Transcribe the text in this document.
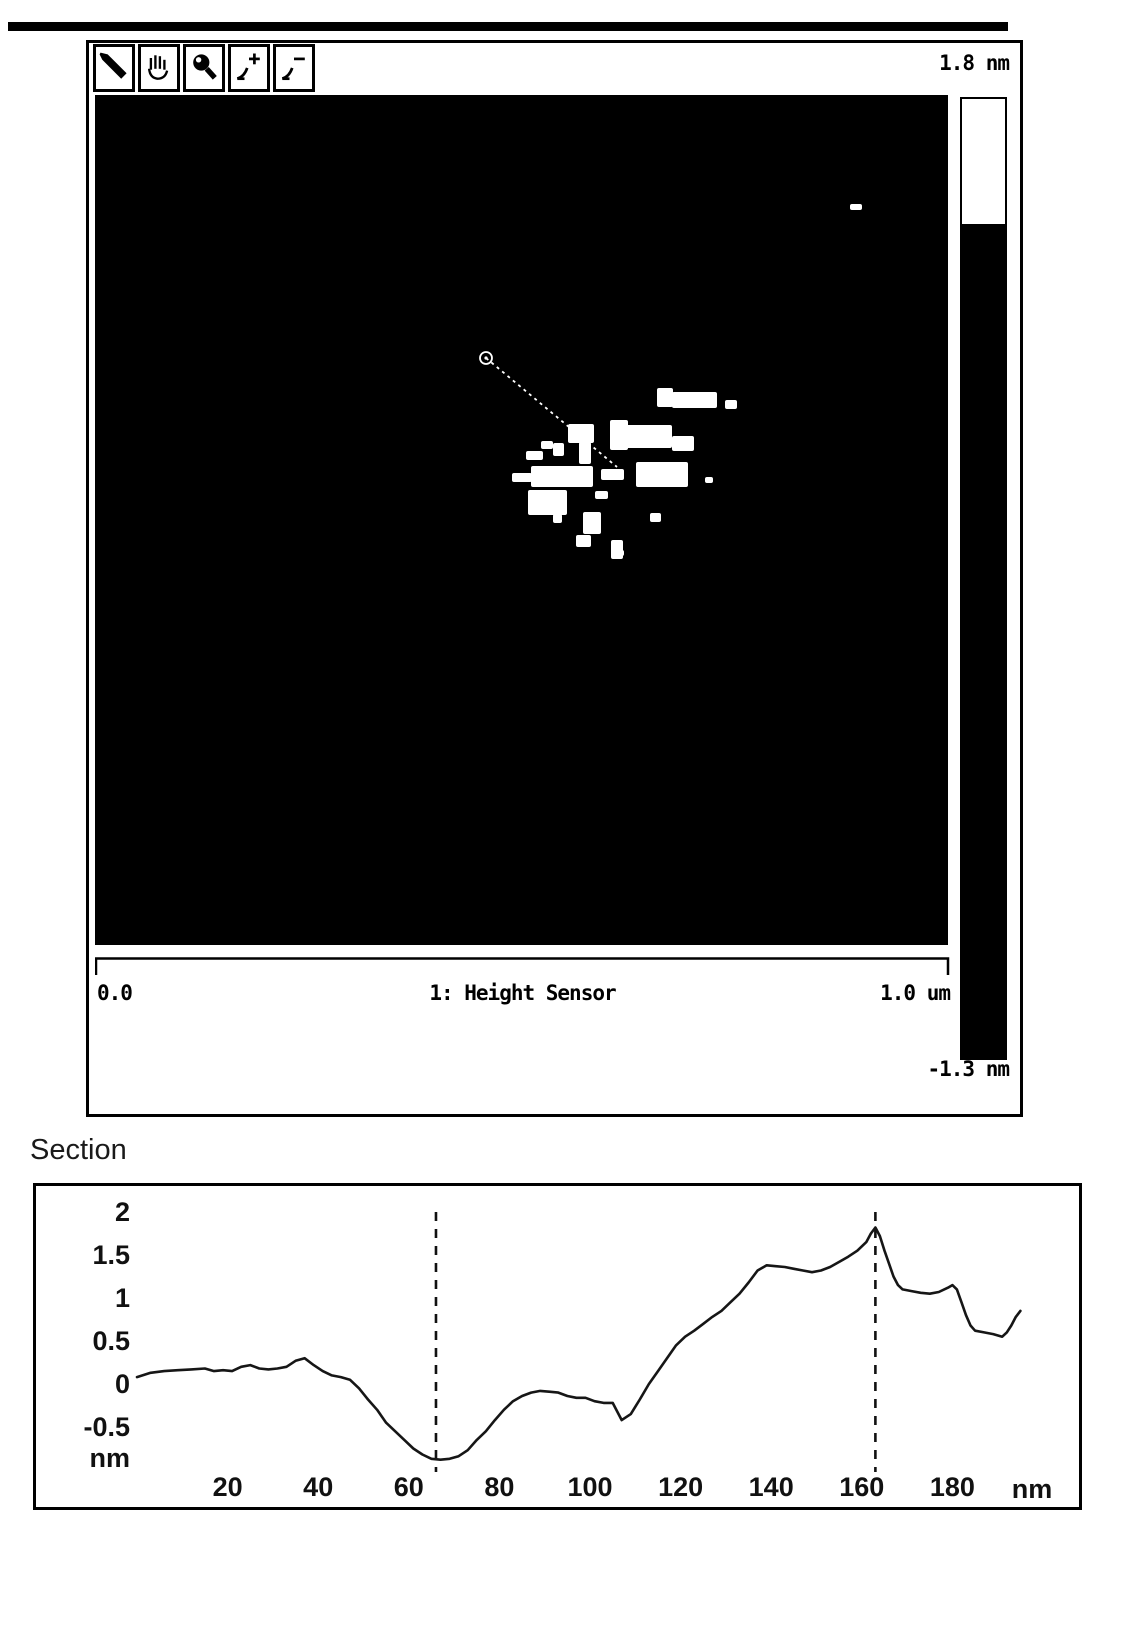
1.8 nm
0.0	1: Height Sensor	1.0 um
-1.3 nm
Section
2
1.5
1
0.5
0
-0.5
nm
20 40 60 80 100 120 140 160 180 nm
